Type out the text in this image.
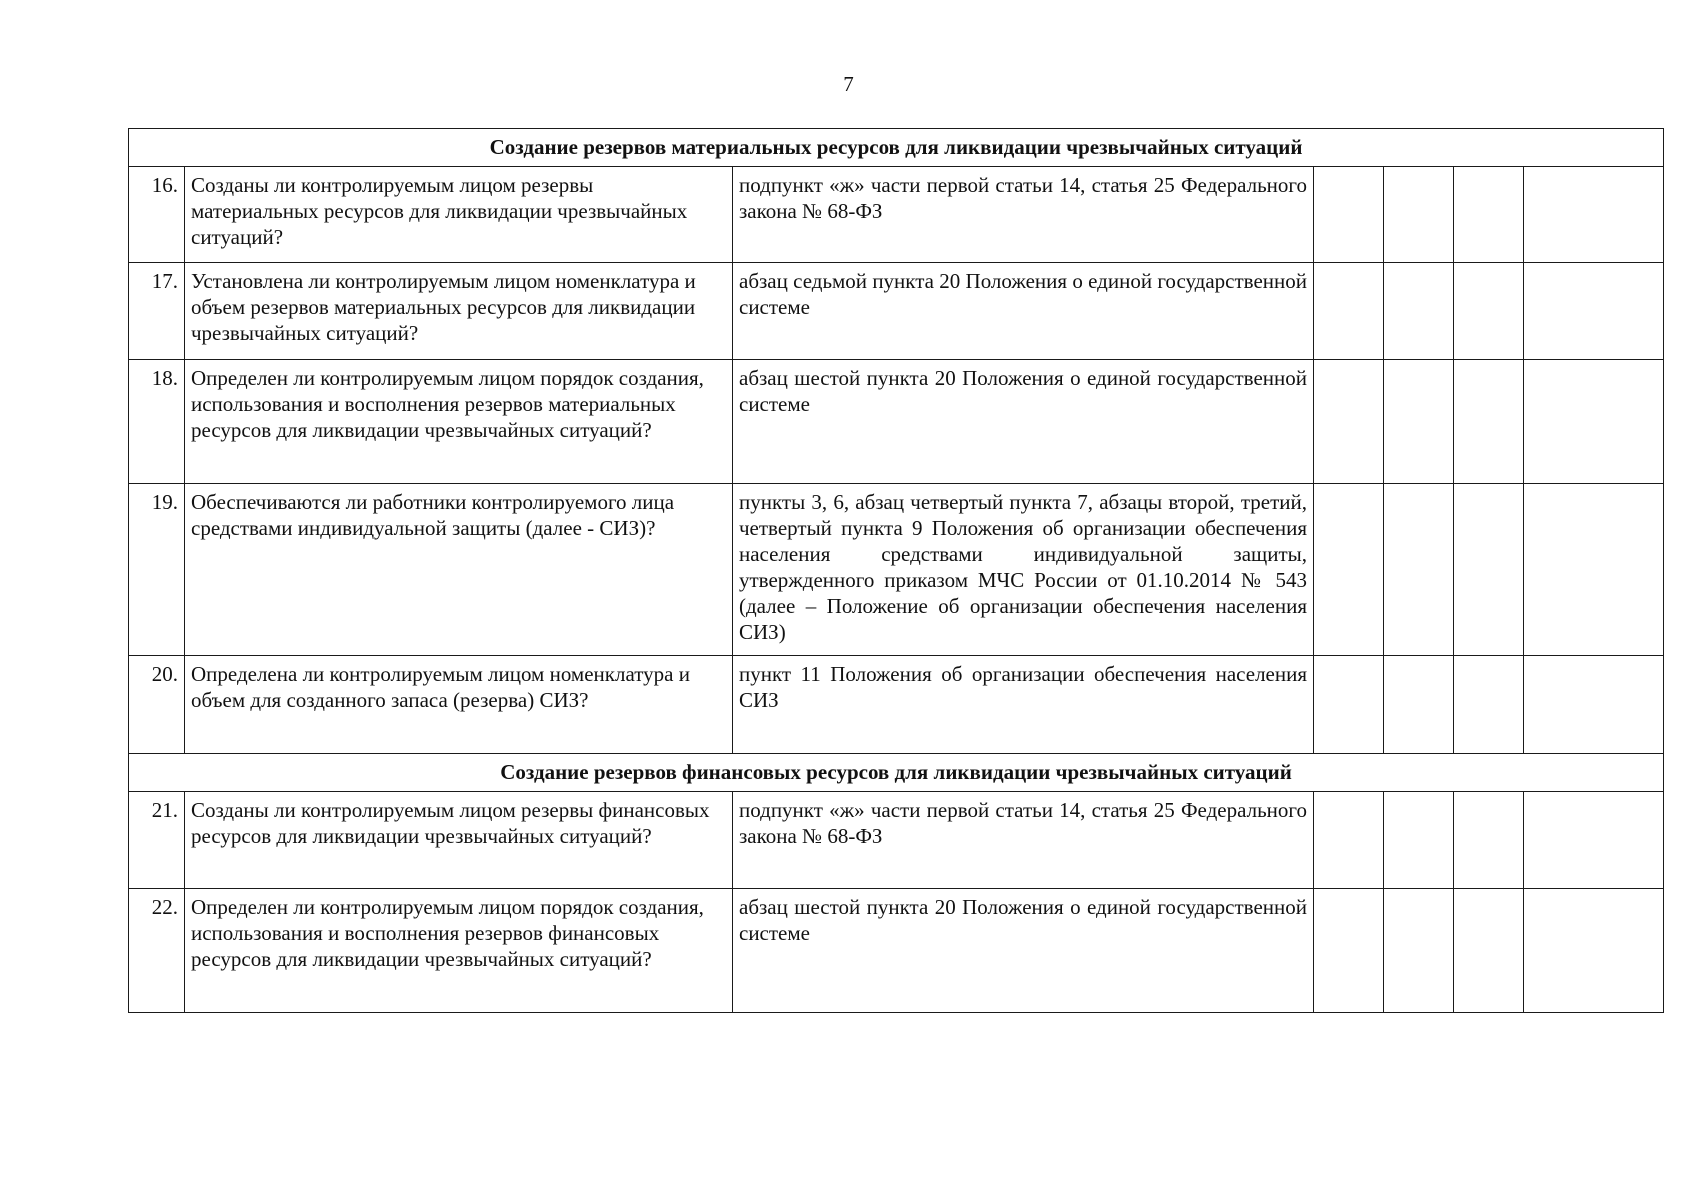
7
Создание резервов материальных ресурсов для ликвидации чрезвычайных ситуаций						
16.	Созданы ли контролируемым лицом резервы материальных ресурсов для ликвидации чрезвычайных ситуаций?	подпункт «ж» части первой статьи 14, статья 25 Федерального закона № 68-ФЗ				
17.	Установлена ли контролируемым лицом номенклатура и объем резервов материальных ресурсов для ликвидации чрезвычайных ситуаций?	абзац седьмой пункта 20 Положения о единой государственной системе				
18.	Определен ли контролируемым лицом порядок создания, использования и восполнения резервов материальных ресурсов для ликвидации чрезвычайных ситуаций?	абзац шестой пункта 20 Положения о единой государственной системе				
19.	Обеспечиваются ли работники контролируемого лица средствами индивидуальной защиты (далее - СИЗ)?	пункты 3, 6, абзац четвертый пункта 7, абзацы второй, третий, четвертый пункта 9 Положения об организации обеспечения населения средствами индивидуальной защиты, утвержденного приказом МЧС России от 01.10.2014 № 543 (далее – Положение об организации обеспечения населения СИЗ)				
20.	Определена ли контролируемым лицом номенклатура и объем для созданного запаса (резерва) СИЗ?	пункт 11 Положения об организации обеспечения населения СИЗ				
Создание резервов финансовых ресурсов для ликвидации чрезвычайных ситуаций						
21.	Созданы ли контролируемым лицом резервы финансовых ресурсов для ликвидации чрезвычайных ситуаций?	подпункт «ж» части первой статьи 14, статья 25 Федерального закона № 68-ФЗ				
22.	Определен ли контролируемым лицом порядок создания, использования и восполнения резервов финансовых ресурсов для ликвидации чрезвычайных ситуаций?	абзац шестой пункта 20 Положения о единой государственной системе				
